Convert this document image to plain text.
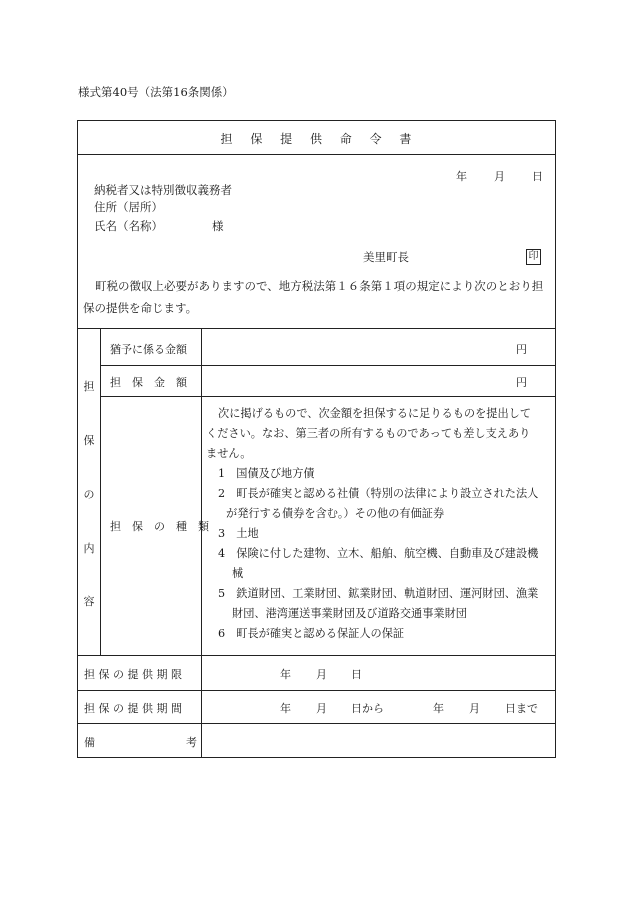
様式第40号（法第16条関係）
担 保 提 供 命 令 書
年 月 日
納税者又は特別徴収義務者
住所（居所）
氏名（名称）	様
美里町長	印
町税の徴収上必要がありますので、地方税法第１６条第１項の規定により次のとおり担保の提供を命じます。
担
保
の
内
容
猶予に係る金額	円
担　保　金　額	円
担　保　の　種　類
次に掲げるもので、次金額を担保するに足りるものを提出して
ください。なお、第三者の所有するものであっても差し支えあり
ません。
1　国債及び地方債
2　町長が確実と認める社債（特別の法律により設立された法人
が発行する債券を含む。）その他の有価証券
3　土地
4　保険に付した建物、立木、船舶、航空機、自動車及び建設機
械
5　鉄道財団、工業財団、鉱業財団、軌道財団、運河財団、漁業
財団、港湾運送事業財団及び道路交通事業財団
6　町長が確実と認める保証人の保証
担 保 の 提 供 期 限	年 月 日
担 保 の 提 供 期 間	年 月 日から	年 月 日まで
備	考
